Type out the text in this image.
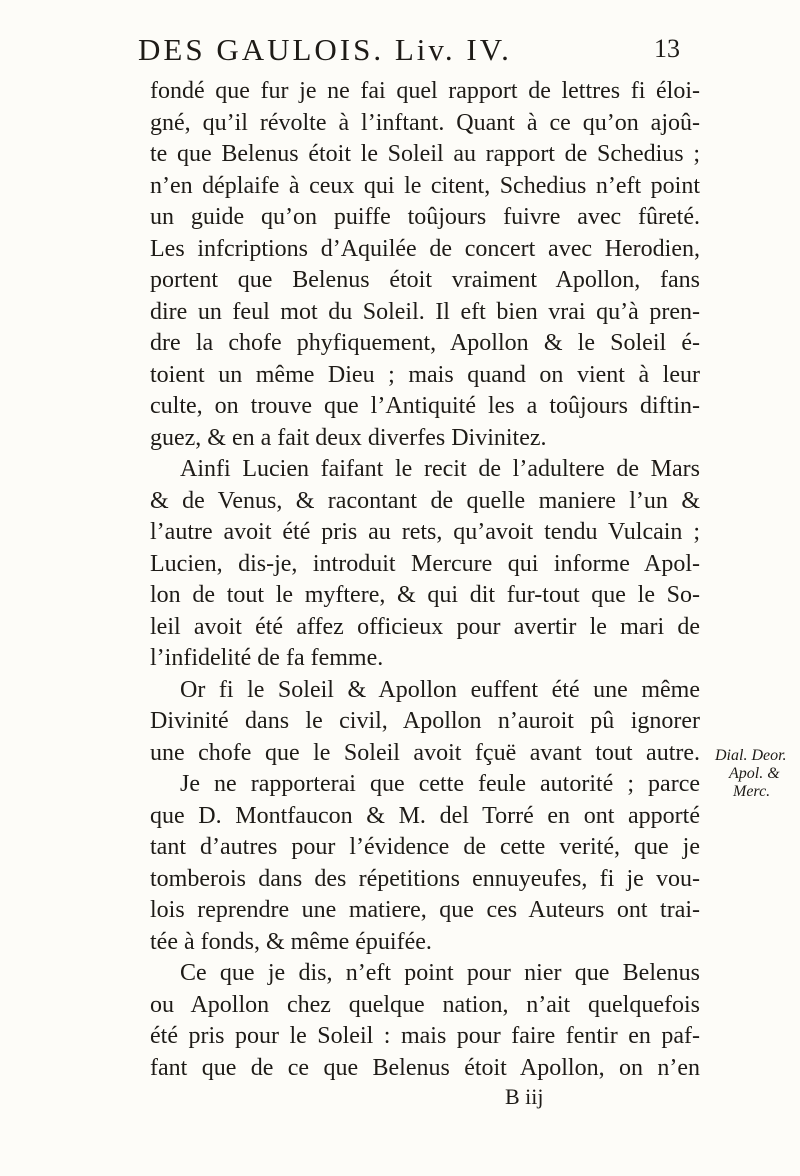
DES GAULOIS. Liv. IV.	13
fondé que fur je ne fai quel rapport de lettres fi éloi-
gné, qu’il révolte à l’inftant. Quant à ce qu’on ajoû-
te que Belenus étoit le Soleil au rapport de Schedius ;
n’en déplaife à ceux qui le citent, Schedius n’eft point
un guide qu’on puiffe toûjours fuivre avec fûreté.
Les infcriptions d’Aquilée de concert avec Herodien,
portent que Belenus étoit vraiment Apollon, fans
dire un feul mot du Soleil. Il eft bien vrai qu’à pren-
dre la chofe phyfiquement, Apollon & le Soleil é-
toient un même Dieu ; mais quand on vient à leur
culte, on trouve que l’Antiquité les a toûjours diftin-
guez, & en a fait deux diverfes Divinitez.
Ainfi Lucien faifant le recit de l’adultere de Mars
& de Venus, & racontant de quelle maniere l’un &
l’autre avoit été pris au rets, qu’avoit tendu Vulcain ;
Lucien, dis-je, introduit Mercure qui informe Apol-
lon de tout le myftere, & qui dit fur-tout que le So-
leil avoit été affez officieux pour avertir le mari de
l’infidelité de fa femme.
Or fi le Soleil & Apollon euffent été une même
Divinité dans le civil, Apollon n’auroit pû ignorer
une chofe que le Soleil avoit fçuë avant tout autre.
Je ne rapporterai que cette feule autorité ; parce
que D. Montfaucon & M. del Torré en ont apporté
tant d’autres pour l’évidence de cette verité, que je
tomberois dans des répetitions ennuyeufes, fi je vou-
lois reprendre une matiere, que ces Auteurs ont trai-
tée à fonds, & même épuifée.
Ce que je dis, n’eft point pour nier que Belenus
ou Apollon chez quelque nation, n’ait quelquefois
été pris pour le Soleil : mais pour faire fentir en paf-
fant que de ce que Belenus étoit Apollon, on n’en
Dial. Deor.
Apol. &
Merc.
B iij
